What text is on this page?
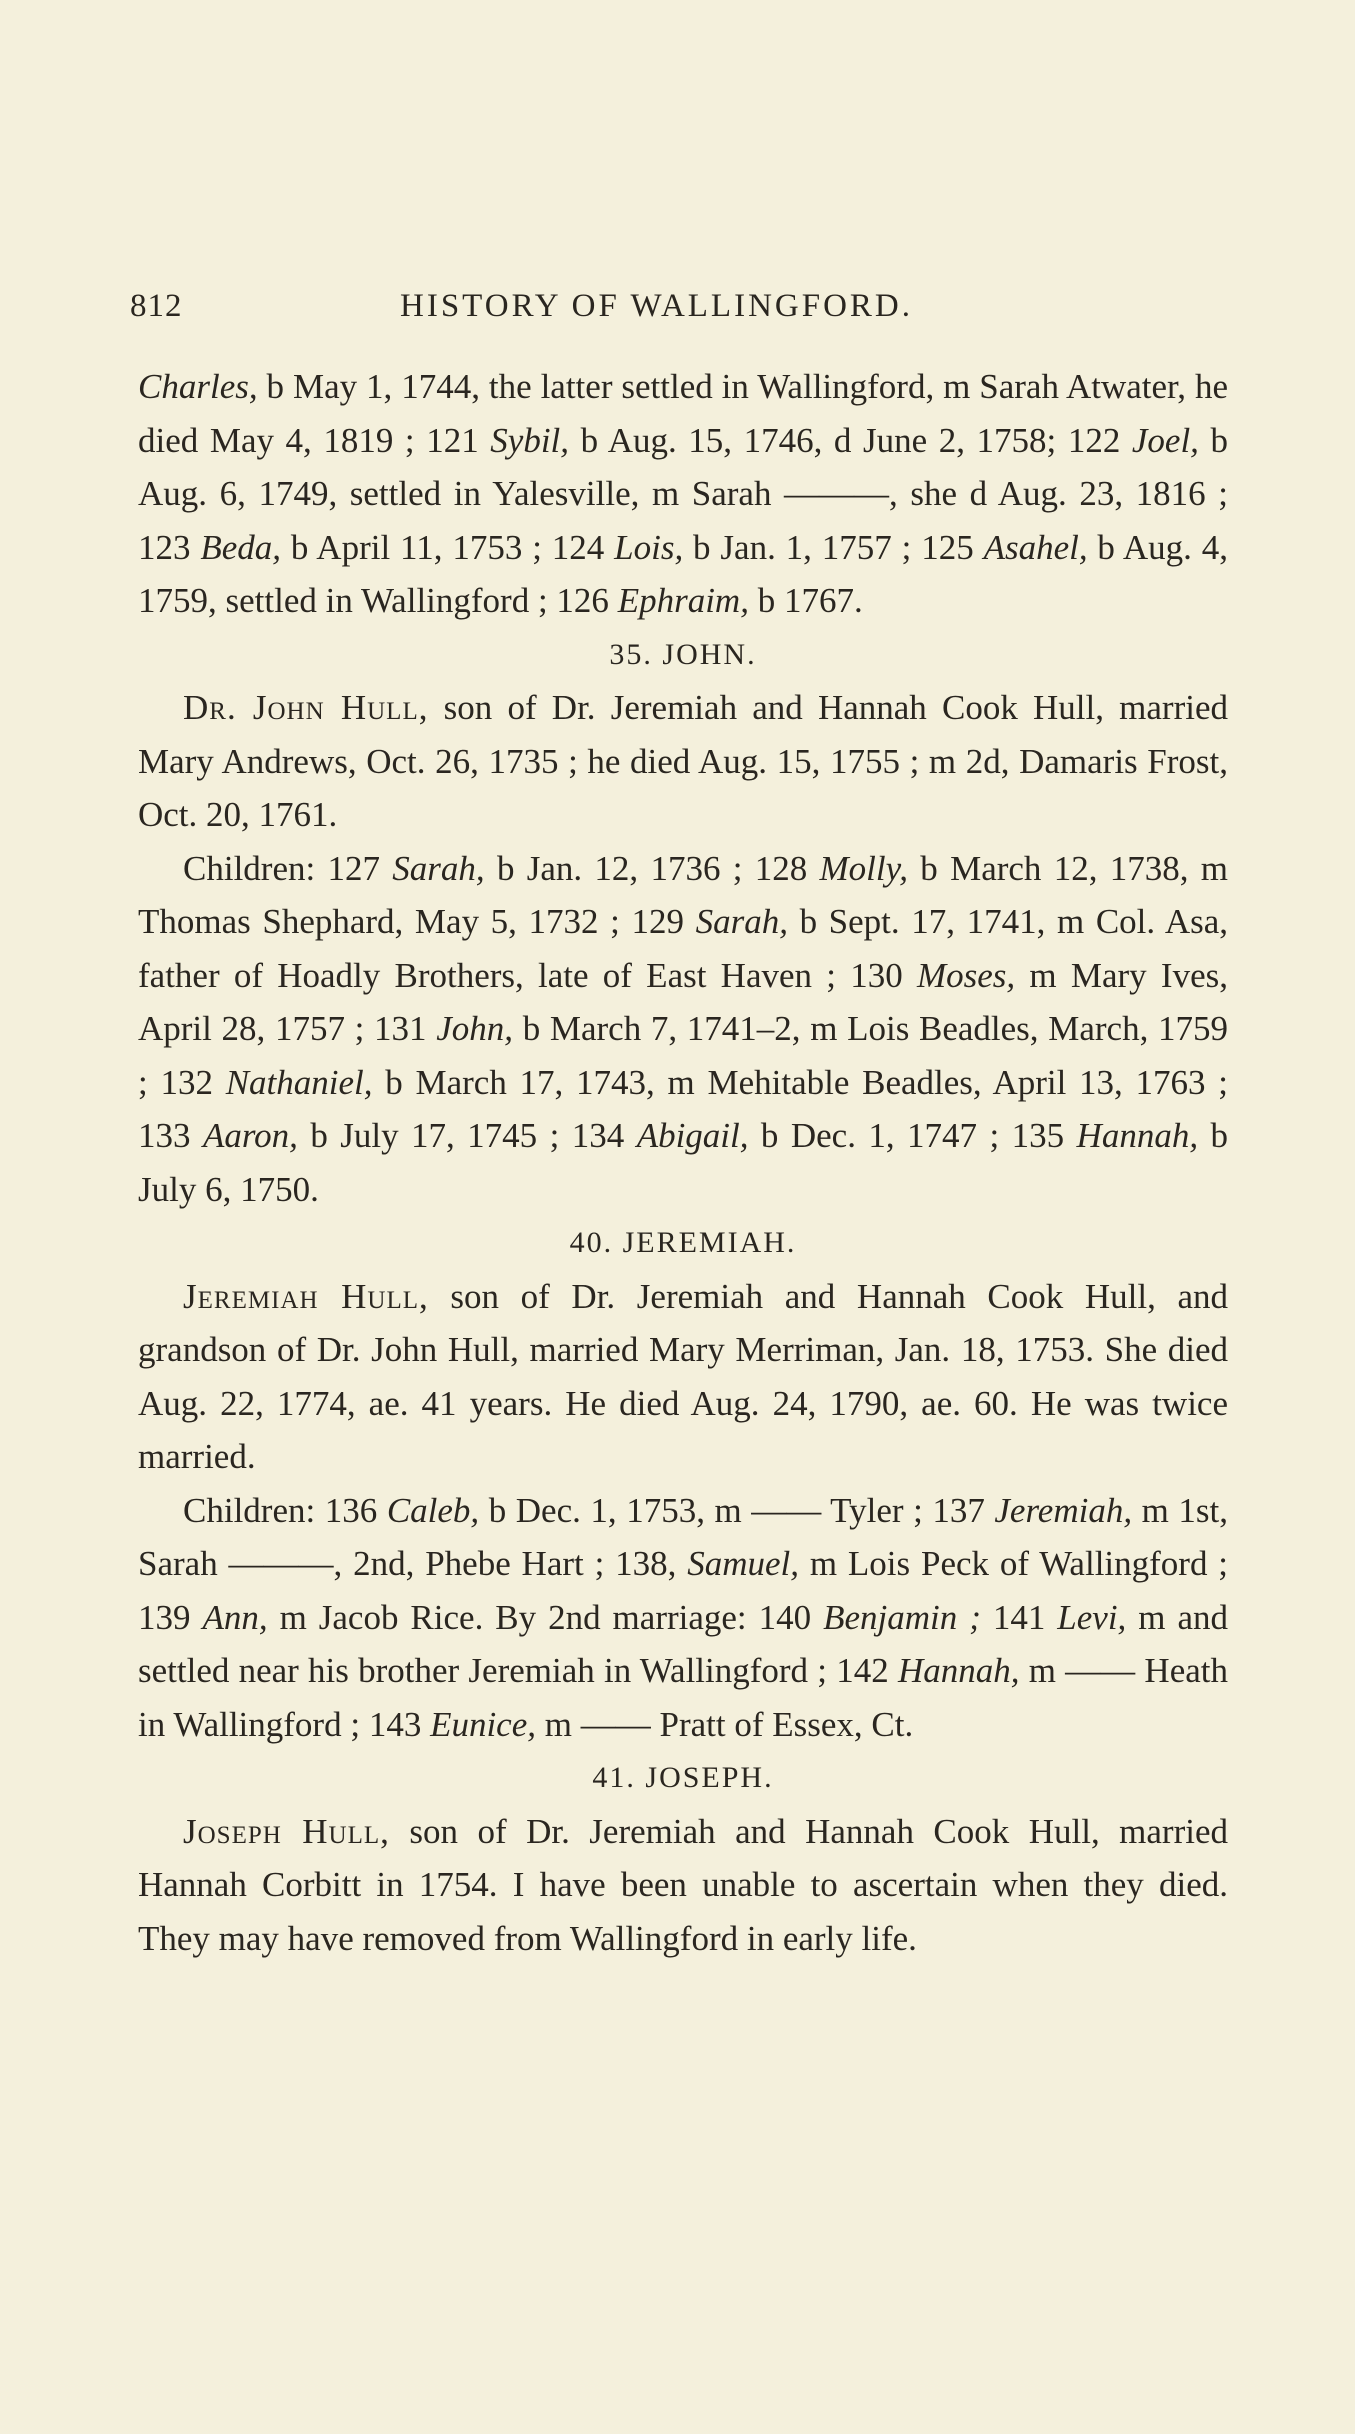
812	HISTORY OF WALLINGFORD.

Charles, b May 1, 1744, the latter settled in Wallingford, m Sarah Atwater, he died May 4, 1819 ; 121 Sybil, b Aug. 15, 1746, d June 2, 1758; 122 Joel, b Aug. 6, 1749, settled in Yalesville, m Sarah ———, she d Aug. 23, 1816 ; 123 Beda, b April 11, 1753 ; 124 Lois, b Jan. 1, 1757 ; 125 Asahel, b Aug. 4, 1759, settled in Wallingford ; 126 Ephraim, b 1767.

35. JOHN.

Dr. John Hull, son of Dr. Jeremiah and Hannah Cook Hull, married Mary Andrews, Oct. 26, 1735 ; he died Aug. 15, 1755 ; m 2d, Damaris Frost, Oct. 20, 1761.

Children: 127 Sarah, b Jan. 12, 1736 ; 128 Molly, b March 12, 1738, m Thomas Shephard, May 5, 1732 ; 129 Sarah, b Sept. 17, 1741, m Col. Asa, father of Hoadly Brothers, late of East Haven ; 130 Moses, m Mary Ives, April 28, 1757 ; 131 John, b March 7, 1741–2, m Lois Beadles, March, 1759 ; 132 Nathaniel, b March 17, 1743, m Mehitable Beadles, April 13, 1763 ; 133 Aaron, b July 17, 1745 ; 134 Abigail, b Dec. 1, 1747 ; 135 Hannah, b July 6, 1750.

40. JEREMIAH.

Jeremiah Hull, son of Dr. Jeremiah and Hannah Cook Hull, and grandson of Dr. John Hull, married Mary Merriman, Jan. 18, 1753. She died Aug. 22, 1774, ae. 41 years. He died Aug. 24, 1790, ae. 60. He was twice married.

Children: 136 Caleb, b Dec. 1, 1753, m —— Tyler ; 137 Jeremiah, m 1st, Sarah ———, 2nd, Phebe Hart ; 138, Samuel, m Lois Peck of Wallingford ; 139 Ann, m Jacob Rice. By 2nd marriage: 140 Benjamin ; 141 Levi, m and settled near his brother Jeremiah in Wallingford ; 142 Hannah, m —— Heath in Wallingford ; 143 Eunice, m —— Pratt of Essex, Ct.

41. JOSEPH.

Joseph Hull, son of Dr. Jeremiah and Hannah Cook Hull, married Hannah Corbitt in 1754. I have been unable to ascertain when they died. They may have removed from Wallingford in early life.
